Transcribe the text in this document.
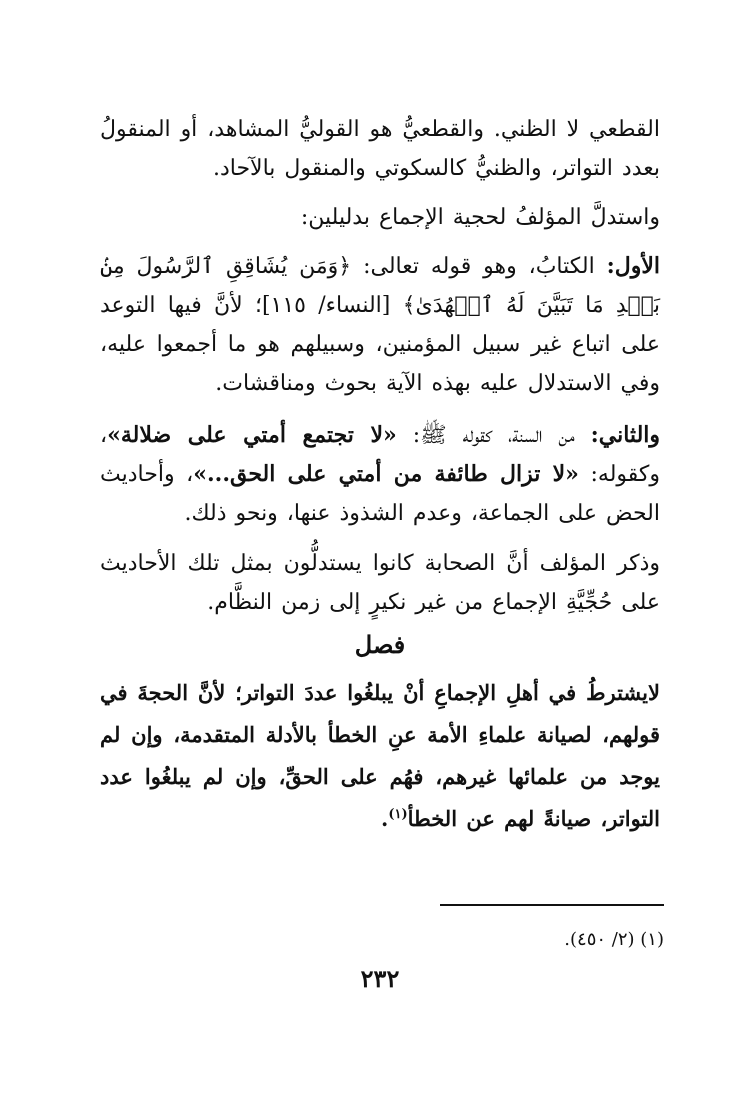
القطعي لا الظني. والقطعيُّ هو القوليُّ المشاهد، أو المنقولُ بعدد التواتر، والظنيُّ كالسكوتي والمنقول بالآحاد.
واستدلَّ المؤلفُ لحجية الإجماع بدليلين:
الأول: الكتابُ، وهو قوله تعالى: ﴿وَمَن يُشَاقِقِ ٱلرَّسُولَ مِنۢ بَعۡدِ مَا تَبَيَّنَ لَهُ ٱلۡهُدَىٰ﴾ [النساء/ ١١٥]؛ لأنَّ فيها التوعد على اتباع غير سبيل المؤمنين، وسبيلهم هو ما أجمعوا عليه، وفي الاستدلال عليه بهذه الآية بحوث ومناقشات.
والثاني: من السنة، كقوله ﷺ: «لا تجتمع أمتي على ضلالة»، وكقوله: «لا تزال طائفة من أمتي على الحق...»، وأحاديث الحض على الجماعة، وعدم الشذوذ عنها، ونحو ذلك.
وذكر المؤلف أنَّ الصحابة كانوا يستدلُّون بمثل تلك الأحاديث على حُجِّيَّةِ الإجماع من غير نكيرٍ إلى زمن النظَّام.
فصل
لايشترطُ في أهلِ الإجماعِ أنْ يبلغُوا عددَ التواتر؛ لأنَّ الحجةَ في قولهم، لصيانة علماءِ الأمة عنِ الخطأ بالأدلة المتقدمة، وإن لم يوجد من علمائها غيرهم، فهُم على الحقِّ، وإن لم يبلغُوا عدد التواتر، صيانةً لهم عن الخطأ$^{(١)}$.
(١) (٢/ ٤٥٠).
٢٣٢
